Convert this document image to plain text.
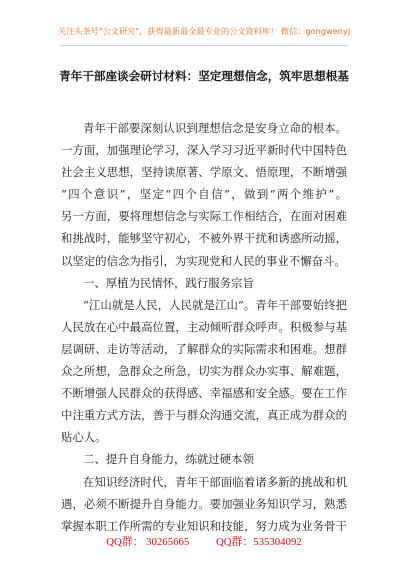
关注头条号"公文研究"，获得最新最全最专业的公文资料库！ 微信：gongwenyj
青年干部座谈会研讨材料：坚定理想信念，筑牢思想根基
青年干部要深刻认识到理想信念是安身立命的根本。
一方面，加强理论学习，深入学习习近平新时代中国特色
社会主义思想，坚持读原著、学原文、悟原理，不断增强
“四个意识”，坚定“四个自信”，做到“两个维护”。
另一方面，要将理想信念与实际工作相结合，在面对困难
和挑战时，能够坚守初心，不被外界干扰和诱惑所动摇，
以坚定的信念为指引，为实现党和人民的事业不懈奋斗。
一、厚植为民情怀，践行服务宗旨
“江山就是人民，人民就是江山”。青年干部要始终把
人民放在心中最高位置，主动倾听群众呼声。积极参与基
层调研、走访等活动，了解群众的实际需求和困难。想群
众之所想，急群众之所急，切实为群众办实事、解难题，
不断增强人民群众的获得感、幸福感和安全感。要在工作
中注重方式方法，善于与群众沟通交流，真正成为群众的
贴心人。
二、提升自身能力，练就过硬本领
在知识经济时代，青年干部面临着诸多新的挑战和机
遇，必须不断提升自身能力。要加强业务知识学习，熟悉
掌握本职工作所需的专业知识和技能，努力成为业务骨干
QQ群： 30265665 QQ群：535304092
